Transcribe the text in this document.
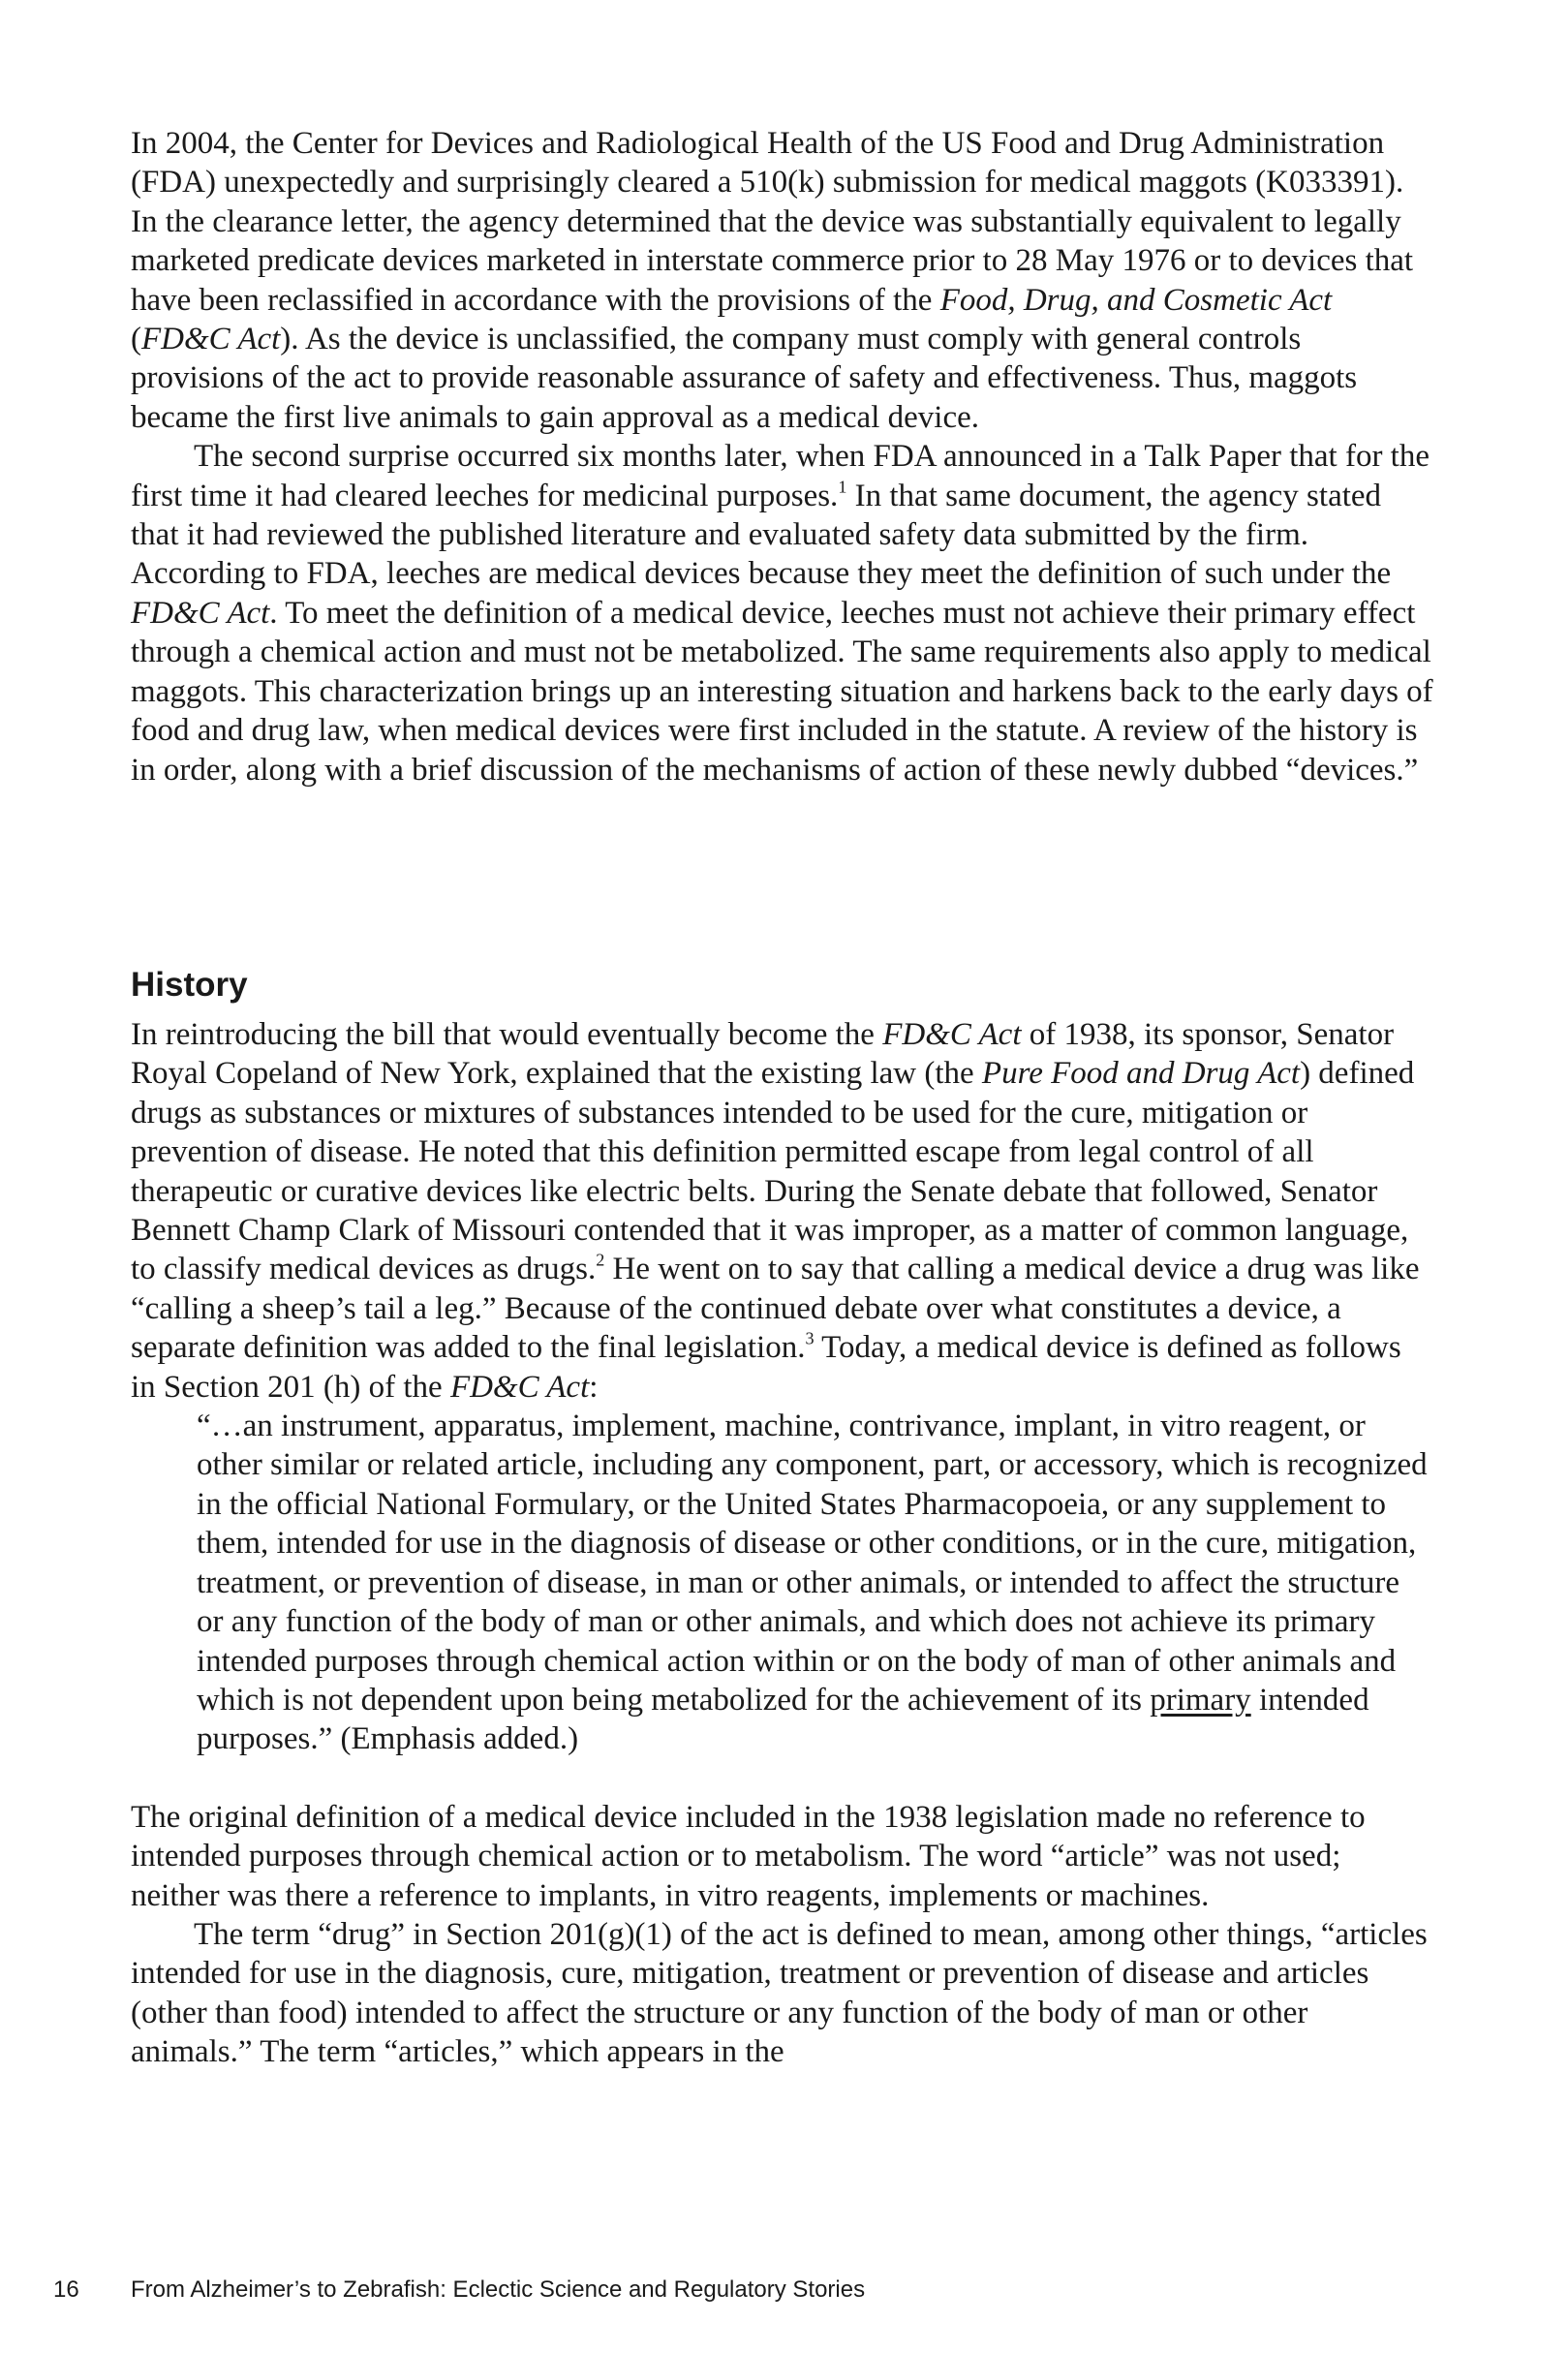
In 2004, the Center for Devices and Radiological Health of the US Food and Drug Administration (FDA) unexpectedly and surprisingly cleared a 510(k) submission for medical maggots (K033391). In the clearance letter, the agency determined that the device was substantially equivalent to legally marketed predicate devices marketed in interstate commerce prior to 28 May 1976 or to devices that have been reclassified in accordance with the provisions of the Food, Drug, and Cosmetic Act (FD&C Act). As the device is unclassified, the company must comply with general controls provisions of the act to provide reasonable assurance of safety and effectiveness. Thus, maggots became the first live animals to gain approval as a medical device.

The second surprise occurred six months later, when FDA announced in a Talk Paper that for the first time it had cleared leeches for medicinal purposes.$^1$ In that same document, the agency stated that it had reviewed the published literature and evaluated safety data submitted by the firm. According to FDA, leeches are medical devices because they meet the definition of such under the FD&C Act. To meet the definition of a medical device, leeches must not achieve their primary effect through a chemical action and must not be metabolized. The same requirements also apply to medical maggots. This characterization brings up an interesting situation and harkens back to the early days of food and drug law, when medical devices were first included in the statute. A review of the history is in order, along with a brief discussion of the mechanisms of action of these newly dubbed “devices.”

History

In reintroducing the bill that would eventually become the FD&C Act of 1938, its sponsor, Senator Royal Copeland of New York, explained that the existing law (the Pure Food and Drug Act) defined drugs as substances or mixtures of substances intended to be used for the cure, mitigation or prevention of disease. He noted that this definition permitted escape from legal control of all therapeutic or curative devices like electric belts. During the Senate debate that followed, Senator Bennett Champ Clark of Missouri contended that it was improper, as a matter of common language, to classify medical devices as drugs.$^2$ He went on to say that calling a medical device a drug was like “calling a sheep’s tail a leg.” Because of the continued debate over what constitutes a device, a separate definition was added to the final legislation.$^3$ Today, a medical device is defined as follows in Section 201 (h) of the FD&C Act:

“…an instrument, apparatus, implement, machine, contrivance, implant, in vitro reagent, or other similar or related article, including any component, part, or accessory, which is recognized in the official National Formulary, or the United States Pharmacopoeia, or any supplement to them, intended for use in the diagnosis of disease or other conditions, or in the cure, mitigation, treatment, or prevention of disease, in man or other animals, or intended to affect the structure or any function of the body of man or other animals, and which does not achieve its primary intended purposes through chemical action within or on the body of man of other animals and which is not dependent upon being metabolized for the achievement of its primary intended purposes.” (Emphasis added.)

The original definition of a medical device included in the 1938 legislation made no reference to intended purposes through chemical action or to metabolism. The word “article” was not used; neither was there a reference to implants, in vitro reagents, implements or machines.

The term “drug” in Section 201(g)(1) of the act is defined to mean, among other things, “articles intended for use in the diagnosis, cure, mitigation, treatment or prevention of disease and articles (other than food) intended to affect the structure or any function of the body of man or other animals.” The term “articles,” which appears in the

16 From Alzheimer’s to Zebrafish: Eclectic Science and Regulatory Stories
